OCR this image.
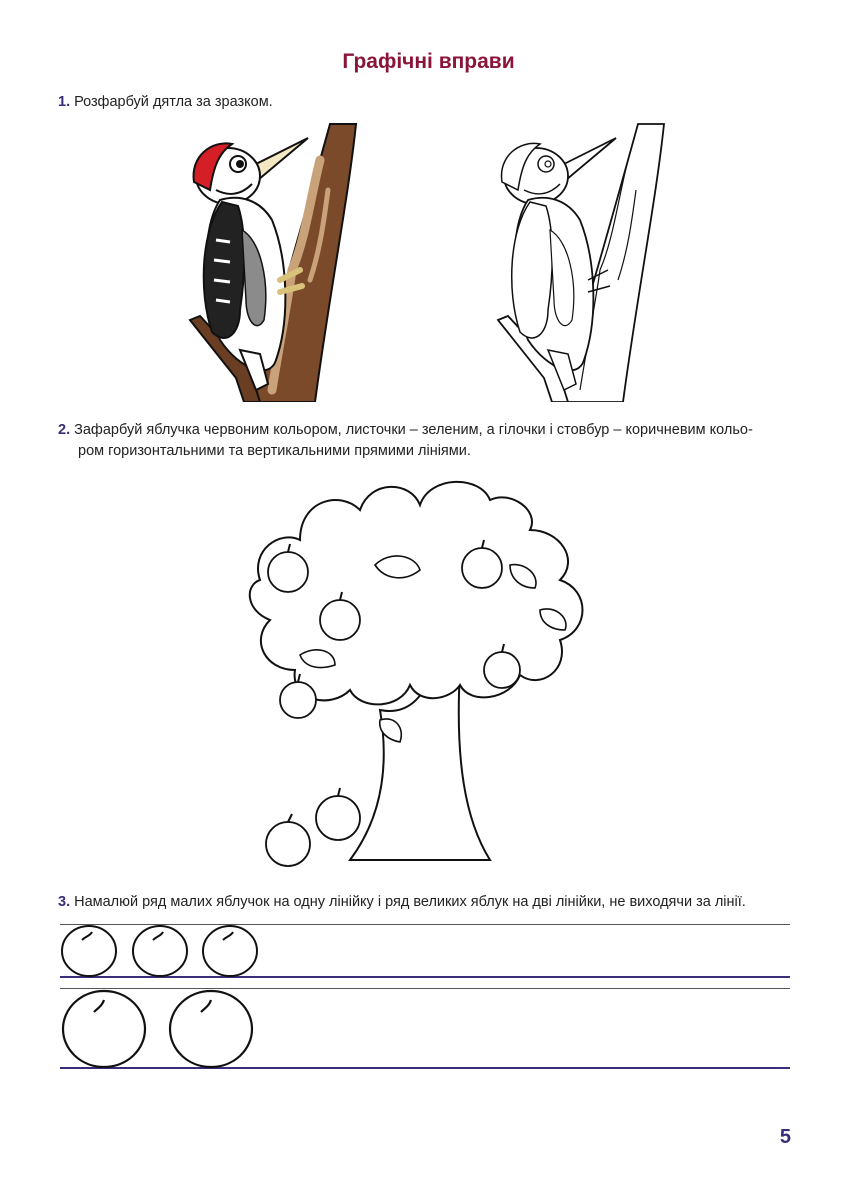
Графічні вправи
1. Розфарбуй дятла за зразком.
2. Зафарбуй яблучка червоним кольором, листочки – зеленим, а гілочки і стовбур – коричневим кольо-
ром горизонтальними та вертикальними прямими лініями.
3. Намалюй ряд малих яблучок на одну лінійку і ряд великих яблук на дві лінійки, не виходячи за лінії.
5
